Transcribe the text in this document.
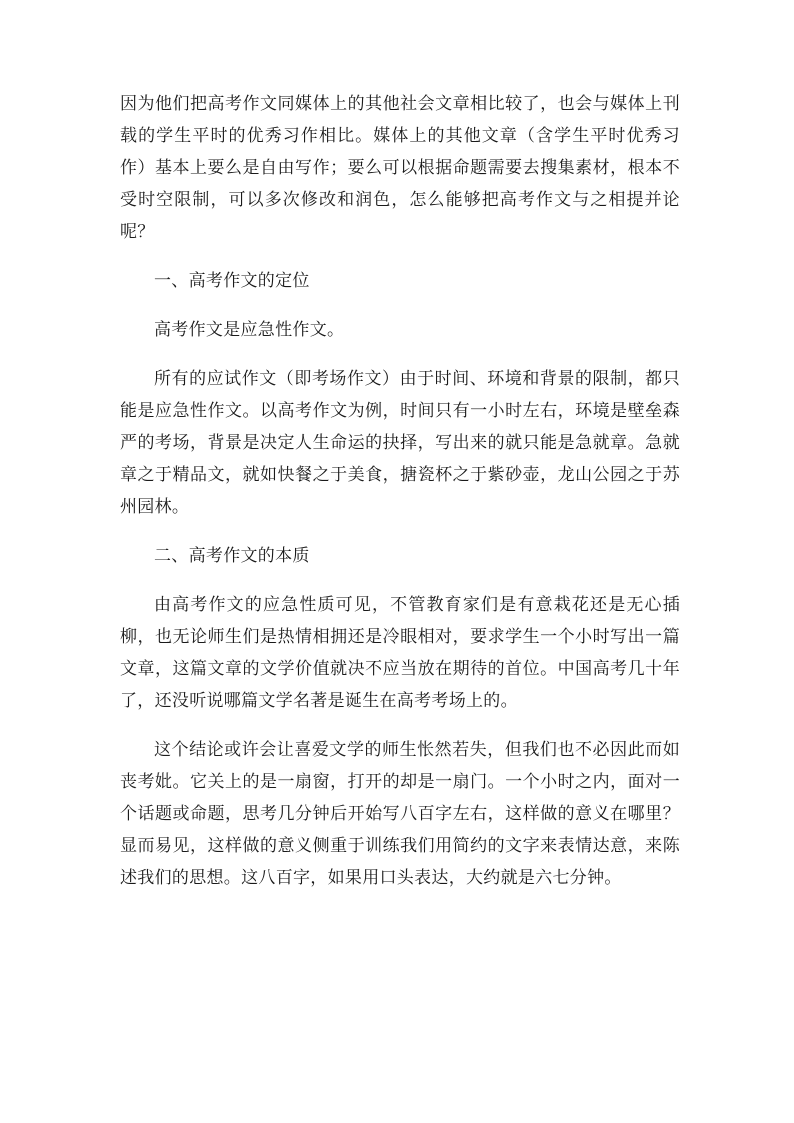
因为他们把高考作文同媒体上的其他社会文章相比较了，也会与媒体上刊载的学生平时的优秀习作相比。媒体上的其他文章（含学生平时优秀习作）基本上要么是自由写作；要么可以根据命题需要去搜集素材，根本不受时空限制，可以多次修改和润色，怎么能够把高考作文与之相提并论呢？

一、高考作文的定位

高考作文是应急性作文。

所有的应试作文（即考场作文）由于时间、环境和背景的限制，都只能是应急性作文。以高考作文为例，时间只有一小时左右，环境是壁垒森严的考场，背景是决定人生命运的抉择，写出来的就只能是急就章。急就章之于精品文，就如快餐之于美食，搪瓷杯之于紫砂壶，龙山公园之于苏州园林。

二、高考作文的本质

由高考作文的应急性质可见，不管教育家们是有意栽花还是无心插柳，也无论师生们是热情相拥还是冷眼相对，要求学生一个小时写出一篇文章，这篇文章的文学价值就决不应当放在期待的首位。中国高考几十年了，还没听说哪篇文学名著是诞生在高考考场上的。

这个结论或许会让喜爱文学的师生怅然若失，但我们也不必因此而如丧考妣。它关上的是一扇窗，打开的却是一扇门。一个小时之内，面对一个话题或命题，思考几分钟后开始写八百字左右，这样做的意义在哪里？显而易见，这样做的意义侧重于训练我们用简约的文字来表情达意，来陈述我们的思想。这八百字，如果用口头表达，大约就是六七分钟。
